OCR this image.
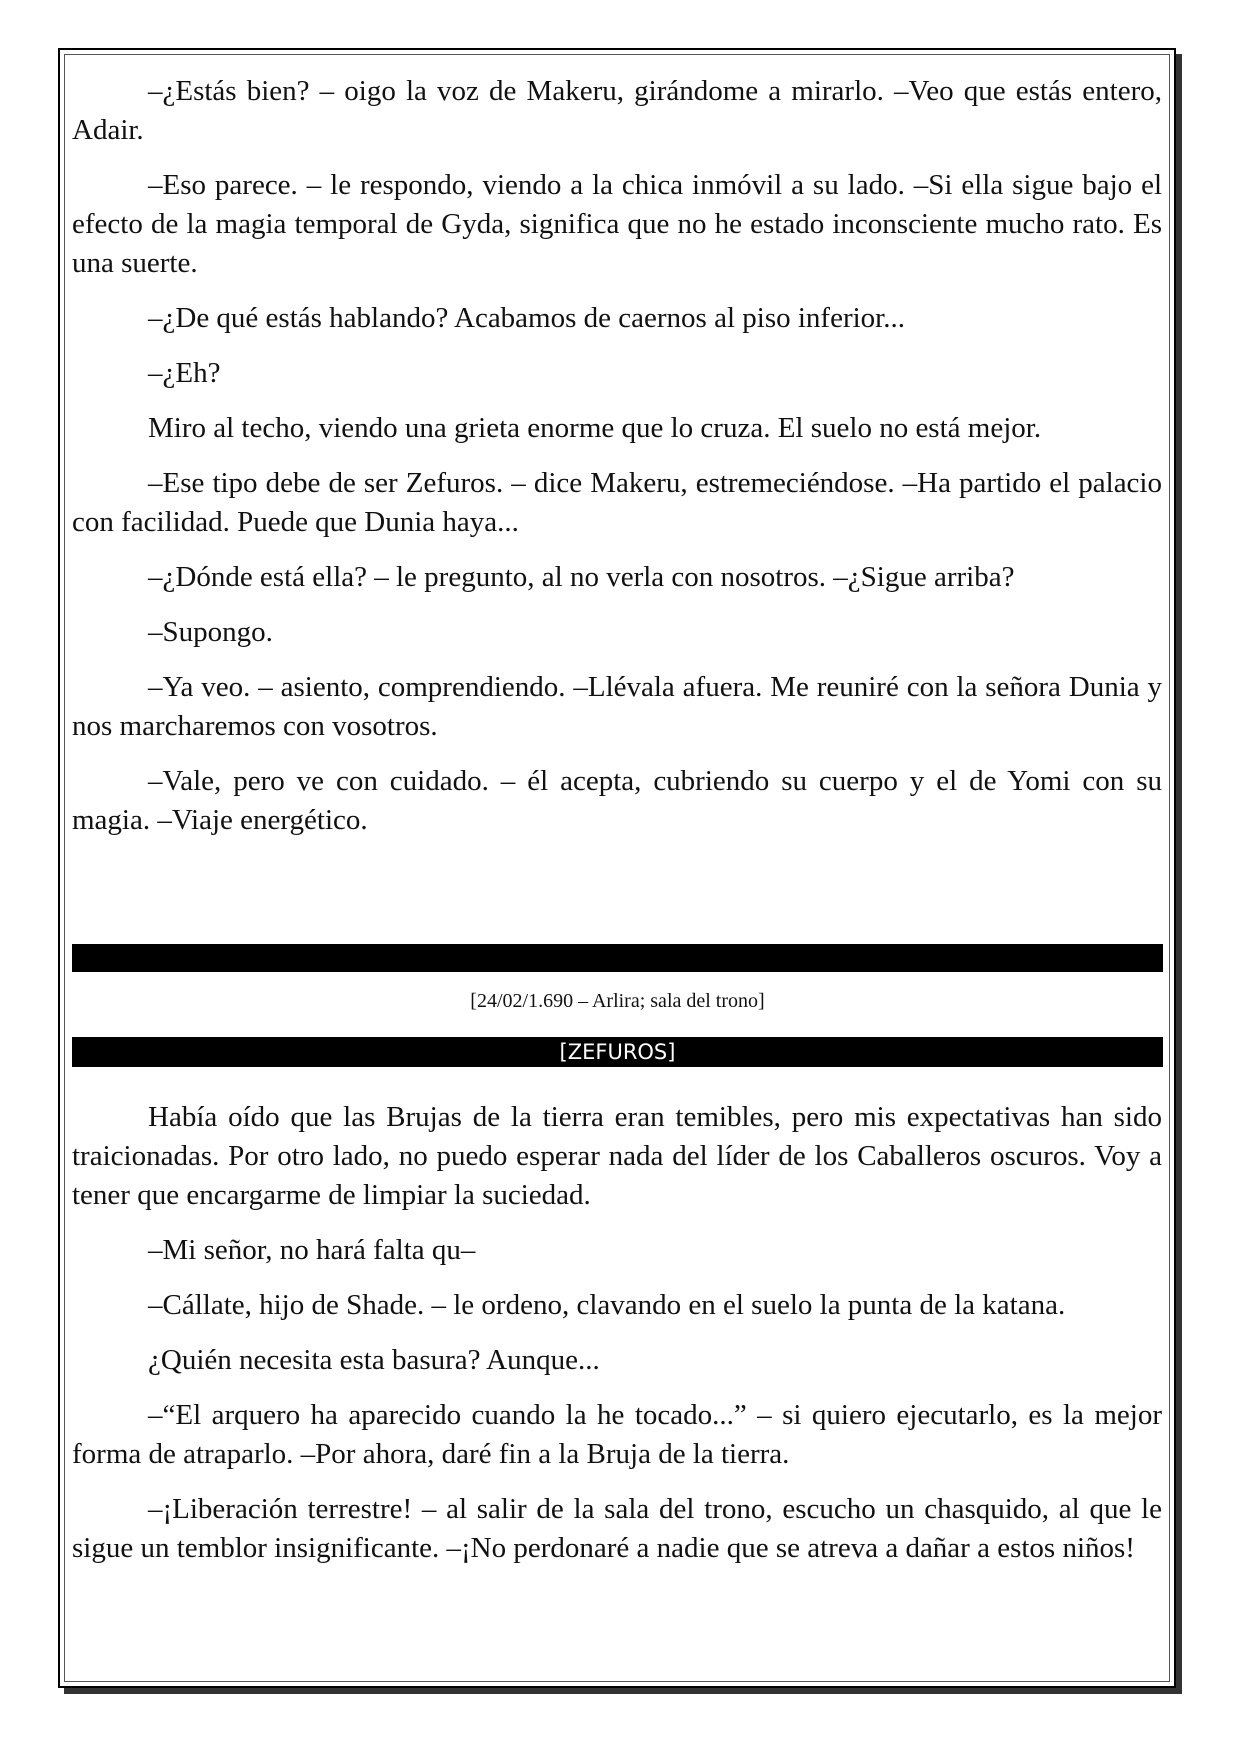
–¿Estás bien? – oigo la voz de Makeru, girándome a mirarlo. –Veo que estás entero, Adair.

–Eso parece. – le respondo, viendo a la chica inmóvil a su lado. –Si ella sigue bajo el efecto de la magia temporal de Gyda, significa que no he estado inconsciente mucho rato. Es una suerte.

–¿De qué estás hablando? Acabamos de caernos al piso inferior...

–¿Eh?

Miro al techo, viendo una grieta enorme que lo cruza. El suelo no está mejor.

–Ese tipo debe de ser Zefuros. – dice Makeru, estremeciéndose. –Ha partido el palacio con facilidad. Puede que Dunia haya...

–¿Dónde está ella? – le pregunto, al no verla con nosotros. –¿Sigue arriba?

–Supongo.

–Ya veo. – asiento, comprendiendo. –Llévala afuera. Me reuniré con la señora Dunia y nos marcharemos con vosotros.

–Vale, pero ve con cuidado. – él acepta, cubriendo su cuerpo y el de Yomi con su magia. –Viaje energético.

[24/02/1.690 – Arlira; sala del trono]
[ZEFUROS]

Había oído que las Brujas de la tierra eran temibles, pero mis expectativas han sido traicionadas. Por otro lado, no puedo esperar nada del líder de los Caballeros oscuros. Voy a tener que encargarme de limpiar la suciedad.

–Mi señor, no hará falta qu–

–Cállate, hijo de Shade. – le ordeno, clavando en el suelo la punta de la katana.

¿Quién necesita esta basura? Aunque...

–“El arquero ha aparecido cuando la he tocado...” – si quiero ejecutarlo, es la mejor forma de atraparlo. –Por ahora, daré fin a la Bruja de la tierra.

–¡Liberación terrestre! – al salir de la sala del trono, escucho un chasquido, al que le sigue un temblor insignificante. –¡No perdonaré a nadie que se atreva a dañar a estos niños!
